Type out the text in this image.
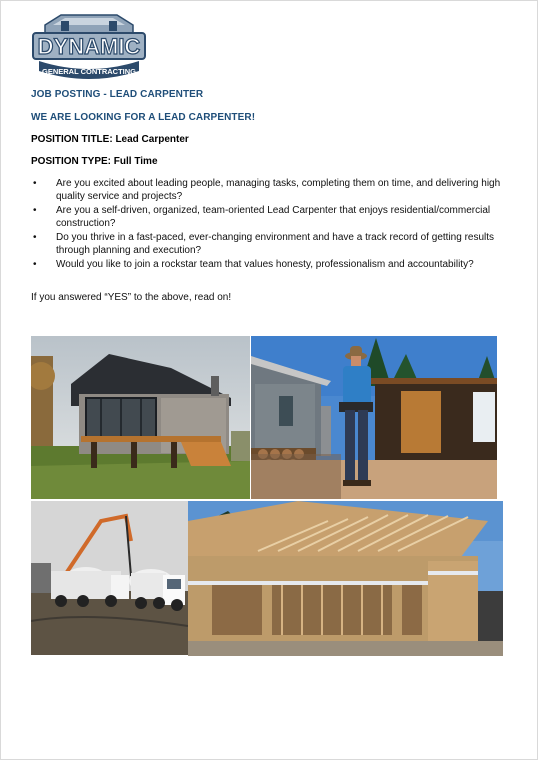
DYNAMIC
GENERAL CONTRACTING
JOB POSTING - LEAD CARPENTER
WE ARE LOOKING FOR A LEAD CARPENTER!
POSITION TITLE: Lead Carpenter
POSITION TYPE: Full Time
• Are you excited about leading people, managing tasks, completing them on time, and delivering high quality service and projects?
• Are you a self-driven, organized, team-oriented Lead Carpenter that enjoys residential/commercial construction?
• Do you thrive in a fast-paced, ever-changing environment and have a track record of getting results through planning and execution?
• Would you like to join a rockstar team that values honesty, professionalism and accountability?
If you answered “YES” to the above, read on!
